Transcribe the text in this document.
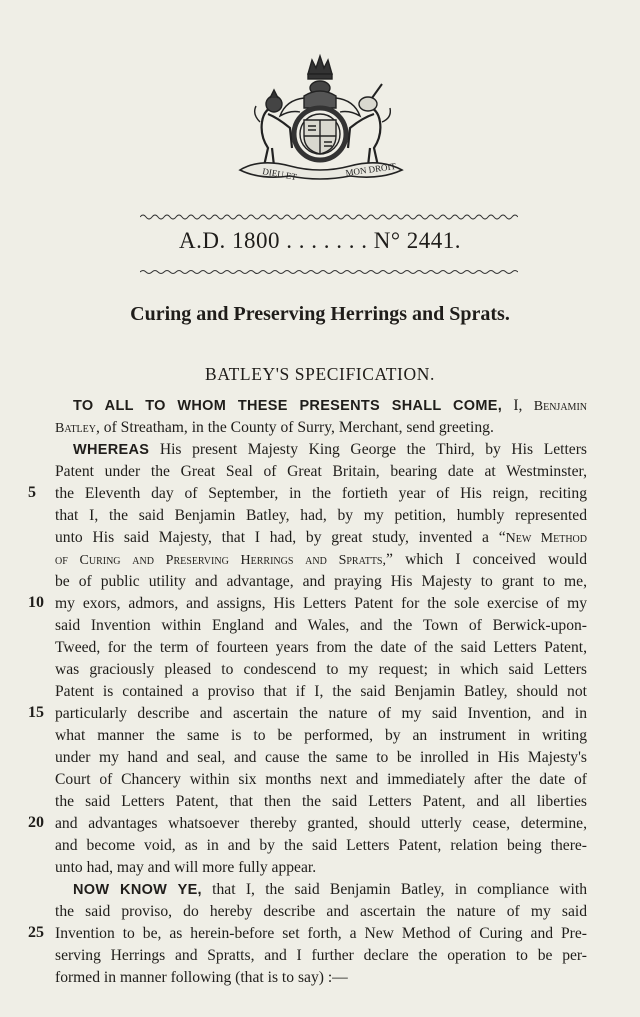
DIEU ET	MON DROIT
A.D. 1800 . . . . . . . N° 2441.
Curing and Preserving Herrings and Sprats.
BATLEY'S SPECIFICATION.
TO ALL TO WHOM THESE PRESENTS SHALL COME, I, Benjamin
Batley, of Streatham, in the County of Surry, Merchant, send greeting.
WHEREAS His present Majesty King George the Third, by His Letters
Patent under the Great Seal of Great Britain, bearing date at Westminster,
the Eleventh day of September, in the fortieth year of His reign, reciting
that I, the said Benjamin Batley, had, by my petition, humbly represented
unto His said Majesty, that I had, by great study, invented a “New Method
of Curing and Preserving Herrings and Spratts,” which I conceived would
be of public utility and advantage, and praying His Majesty to grant to me,
my exors, admors, and assigns, His Letters Patent for the sole exercise of my
said Invention within England and Wales, and the Town of Berwick-upon-
Tweed, for the term of fourteen years from the date of the said Letters Patent,
was graciously pleased to condescend to my request; in which said Letters
Patent is contained a proviso that if I, the said Benjamin Batley, should not
particularly describe and ascertain the nature of my said Invention, and in
what manner the same is to be performed, by an instrument in writing
under my hand and seal, and cause the same to be inrolled in His Majesty's
Court of Chancery within six months next and immediately after the date of
the said Letters Patent, that then the said Letters Patent, and all liberties
and advantages whatsoever thereby granted, should utterly cease, determine,
and become void, as in and by the said Letters Patent, relation being there-
unto had, may and will more fully appear.
NOW KNOW YE, that I, the said Benjamin Batley, in compliance with
the said proviso, do hereby describe and ascertain the nature of my said
Invention to be, as herein-before set forth, a New Method of Curing and Pre-
serving Herrings and Spratts, and I further declare the operation to be per-
formed in manner following (that is to say) :—
5
10
15
20
25
